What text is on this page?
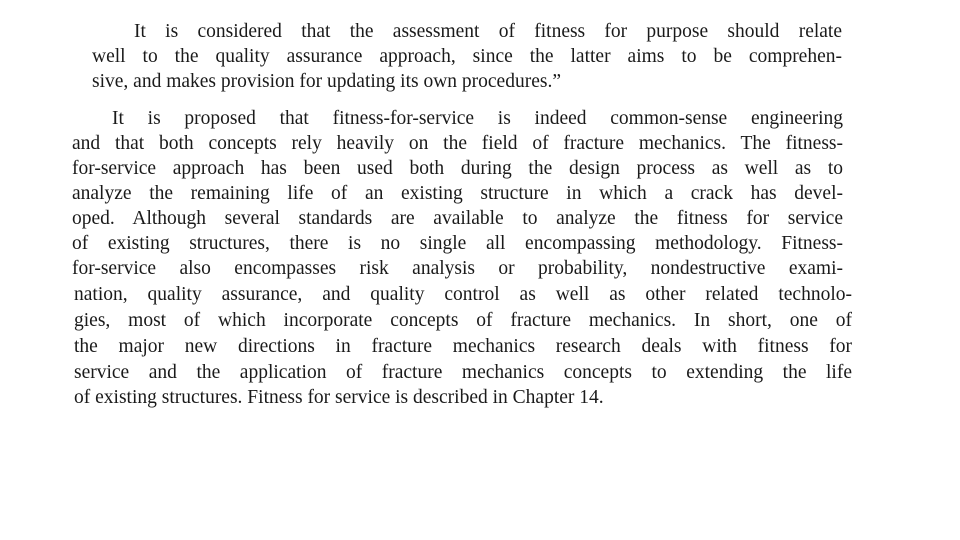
It is considered that the assessment of fitness for purpose should relate
well to the quality assurance approach, since the latter aims to be comprehen-
sive, and makes provision for updating its own procedures.”
It is proposed that fitness-for-service is indeed common-sense engineering
and that both concepts rely heavily on the field of fracture mechanics. The fitness-
for-service approach has been used both during the design process as well as to
analyze the remaining life of an existing structure in which a crack has devel-
oped. Although several standards are available to analyze the fitness for service
of existing structures, there is no single all encompassing methodology. Fitness-
for-service also encompasses risk analysis or probability, nondestructive exami-
nation, quality assurance, and quality control as well as other related technolo-
gies, most of which incorporate concepts of fracture mechanics. In short, one of
the major new directions in fracture mechanics research deals with fitness for
service and the application of fracture mechanics concepts to extending the life
of existing structures. Fitness for service is described in Chapter 14.
